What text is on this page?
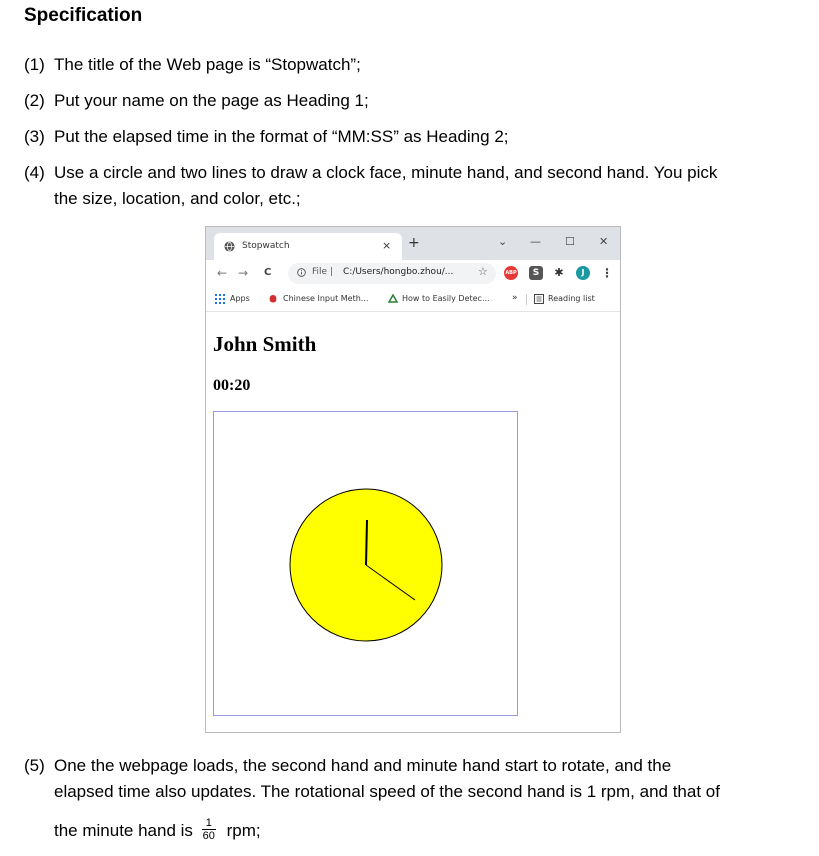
Specification
(1) The title of the Web page is “Stopwatch”;
(2) Put your name on the page as Heading 1;
(3) Put the elapsed time in the format of “MM:SS” as Heading 2;
(4) Use a circle and two lines to draw a clock face, minute hand, and second hand. You pick
the size, location, and color, etc.;
Stopwatch	× +	⌄ — ☐ ✕
← → C	File | C:/Users/hongbo.zhou/... ☆	ABP	S	✱	J	⋮
Apps	Chinese Input Meth...	How to Easily Detec... »	Reading list
John Smith
00:20
(5) One the webpage loads, the second hand and minute hand start to rotate, and the
elapsed time also updates. The rotational speed of the second hand is 1 rpm, and that of
the minute hand is $\frac{1}{60}$ rpm;
